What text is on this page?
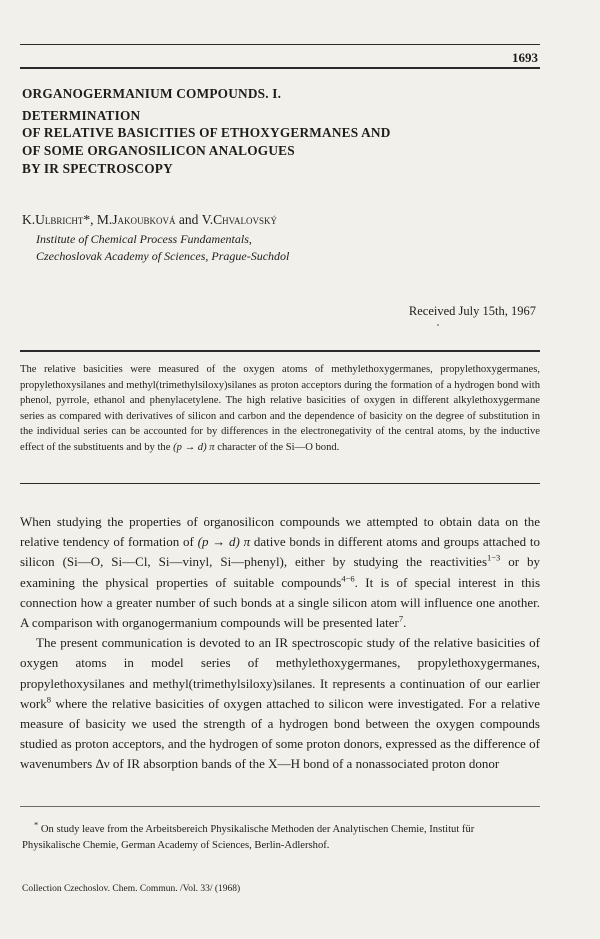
1693
ORGANOGERMANIUM COMPOUNDS. I.
DETERMINATION
OF RELATIVE BASICITIES OF ETHOXYGERMANES AND
OF SOME ORGANOSILICON ANALOGUES
BY IR SPECTROSCOPY
K.Ulbricht*, M.Jakoubková and V.Chvalovský
Institute of Chemical Process Fundamentals,
Czechoslovak Academy of Sciences, Prague-Suchdol
Received July 15th, 1967
The relative basicities were measured of the oxygen atoms of methylethoxygermanes, propylethoxygermanes, propylethoxysilanes and methyl(trimethylsiloxy)silanes as proton acceptors during the formation of a hydrogen bond with phenol, pyrrole, ethanol and phenylacetylene. The high relative basicities of oxygen in different alkylethoxygermane series as compared with derivatives of silicon and carbon and the dependence of basicity on the degree of substitution in the individual series can be accounted for by differences in the electronegativity of the central atoms, by the inductive effect of the substituents and by the (p → d) π character of the Si—O bond.

When studying the properties of organosilicon compounds we attempted to obtain data on the relative tendency of formation of (p → d) π dative bonds in different atoms and groups attached to silicon (Si—O, Si—Cl, Si—vinyl, Si—phenyl), either by studying the reactivities$^{1-3}$ or by examining the physical properties of suitable compounds$^{4-6}$. It is of special interest in this connection how a greater number of such bonds at a single silicon atom will influence one another. A comparison with organogermanium compounds will be presented later$^7$.

The present communication is devoted to an IR spectroscopic study of the relative basicities of oxygen atoms in model series of methylethoxygermanes, propylethoxygermanes, propylethoxysilanes and methyl(trimethylsiloxy)silanes. It represents a continuation of our earlier work$^8$ where the relative basicities of oxygen attached to silicon were investigated. For a relative measure of basicity we used the strength of a hydrogen bond between the oxygen compounds studied as proton acceptors, and the hydrogen of some proton donors, expressed as the difference of wavenumbers Δν of IR absorption bands of the X—H bond of a nonassociated proton donor

* On study leave from the Arbeitsbereich Physikalische Methoden der Analytischen Chemie, Institut für Physikalische Chemie, German Academy of Sciences, Berlin-Adlershof.

Collection Czechoslov. Chem. Commun. /Vol. 33/ (1968)
